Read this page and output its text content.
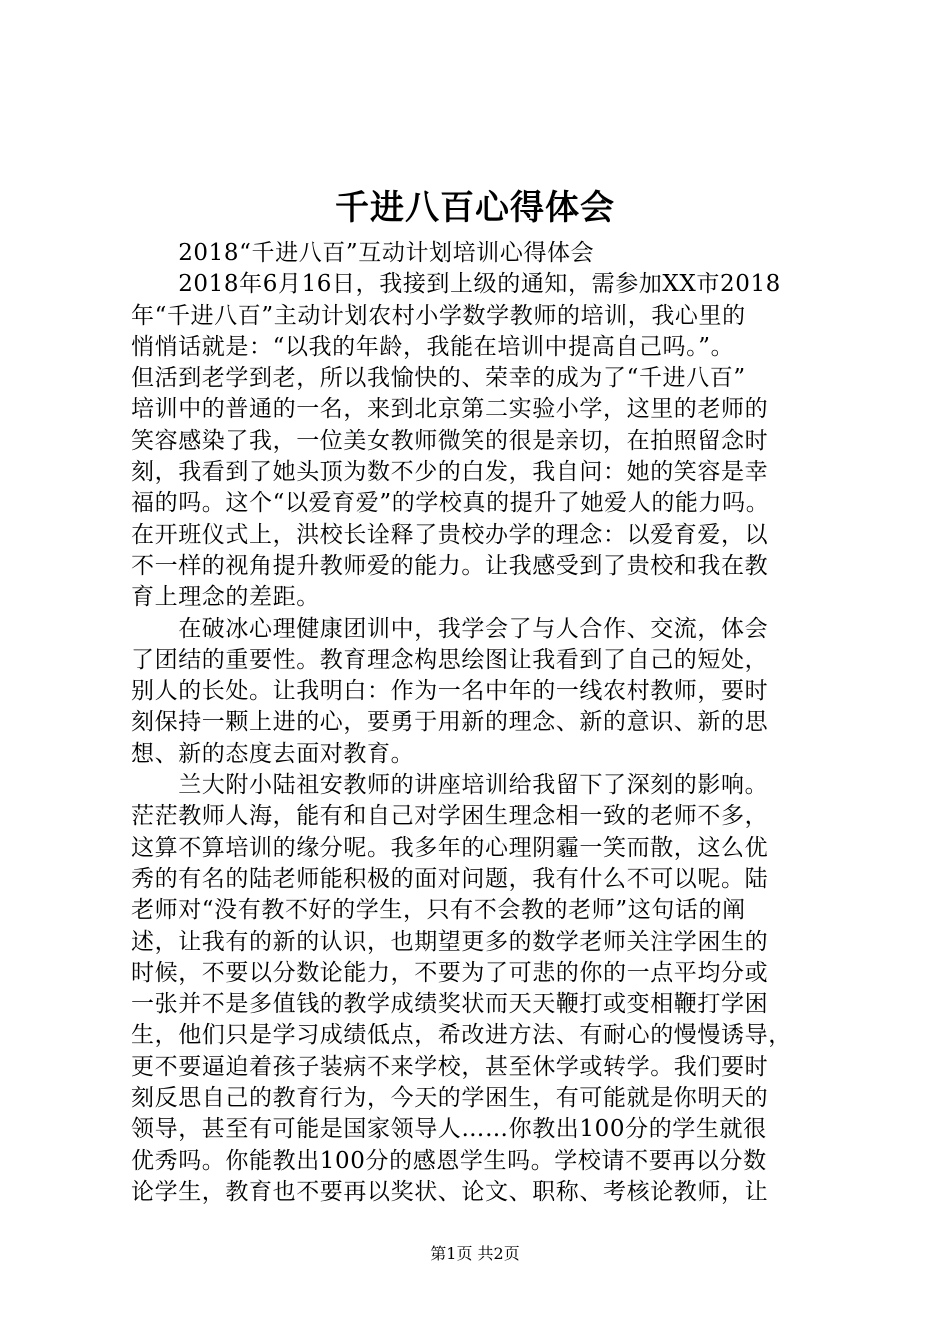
千进八百心得体会
　　2018“千进八百”互动计划培训心得体会
　　2018年6月16日，我接到上级的通知，需参加XX市2018
年“千进八百”主动计划农村小学数学教师的培训，我心里的
悄悄话就是：“以我的年龄，我能在培训中提高自己吗。”。
但活到老学到老，所以我愉快的、荣幸的成为了“千进八百”
培训中的普通的一名，来到北京第二实验小学，这里的老师的
笑容感染了我，一位美女教师微笑的很是亲切，在拍照留念时
刻，我看到了她头顶为数不少的白发，我自问：她的笑容是幸
福的吗。这个“以爱育爱”的学校真的提升了她爱人的能力吗。
在开班仪式上，洪校长诠释了贵校办学的理念：以爱育爱，以
不一样的视角提升教师爱的能力。让我感受到了贵校和我在教
育上理念的差距。
　　在破冰心理健康团训中，我学会了与人合作、交流，体会
了团结的重要性。教育理念构思绘图让我看到了自己的短处，
别人的长处。让我明白：作为一名中年的一线农村教师，要时
刻保持一颗上进的心，要勇于用新的理念、新的意识、新的思
想、新的态度去面对教育。
　　兰大附小陆祖安教师的讲座培训给我留下了深刻的影响。
茫茫教师人海，能有和自己对学困生理念相一致的老师不多，
这算不算培训的缘分呢。我多年的心理阴霾一笑而散，这么优
秀的有名的陆老师能积极的面对问题，我有什么不可以呢。陆
老师对“没有教不好的学生，只有不会教的老师”这句话的阐
述，让我有的新的认识，也期望更多的数学老师关注学困生的
时候，不要以分数论能力，不要为了可悲的你的一点平均分或
一张并不是多值钱的教学成绩奖状而天天鞭打或变相鞭打学困
生，他们只是学习成绩低点，希改进方法、有耐心的慢慢诱导，
更不要逼迫着孩子装病不来学校，甚至休学或转学。我们要时
刻反思自己的教育行为，今天的学困生，有可能就是你明天的
领导，甚至有可能是国家领导人……你教出100分的学生就很
优秀吗。你能教出100分的感恩学生吗。学校请不要再以分数
论学生，教育也不要再以奖状、论文、职称、考核论教师，让
第1页 共2页
